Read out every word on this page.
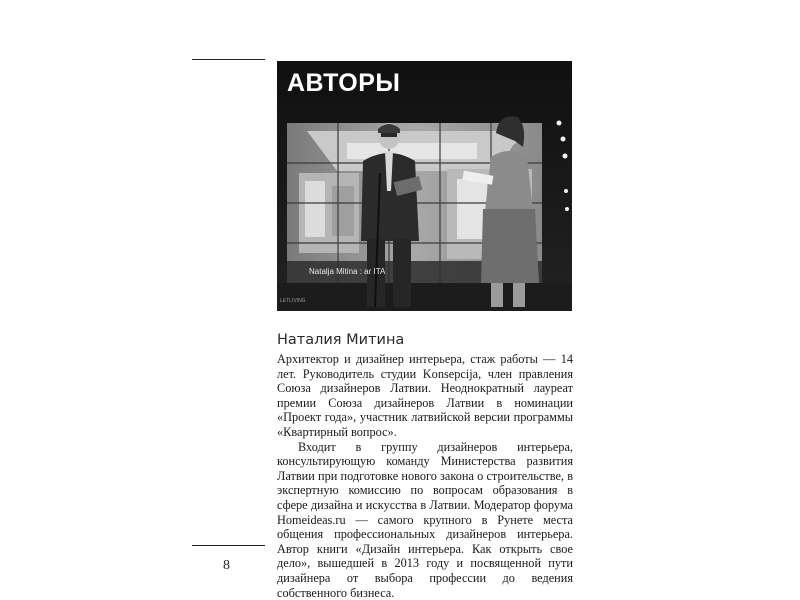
АВТОРЫ
Natalja Mitina : ar ITA
LETLIVING
Наталия Митина

Архитектор и дизайнер интерьера, стаж работы — 14 лет. Руководитель студии Konsepcija, член правления Союза дизайнеров Латвии. Неоднократный лауреат премии Союза дизайнеров Латвии в номинации «Проект года», участник латвийской версии программы «Квартирный вопрос».

Входит в группу дизайнеров интерьера, консультирующую команду Министерства развития Латвии при подготовке нового закона о строительстве, в экспертную комиссию по вопросам образования в сфере дизайна и искусства в Латвии. Модератор форума Homeideas.ru — самого крупного в Рунете места общения профессиональных дизайнеров интерьера. Автор книги «Дизайн интерьера. Как открыть свое дело», вышедшей в 2013 году и посвященной пути дизайнера от выбора профессии до ведения собственного бизнеса.

8
